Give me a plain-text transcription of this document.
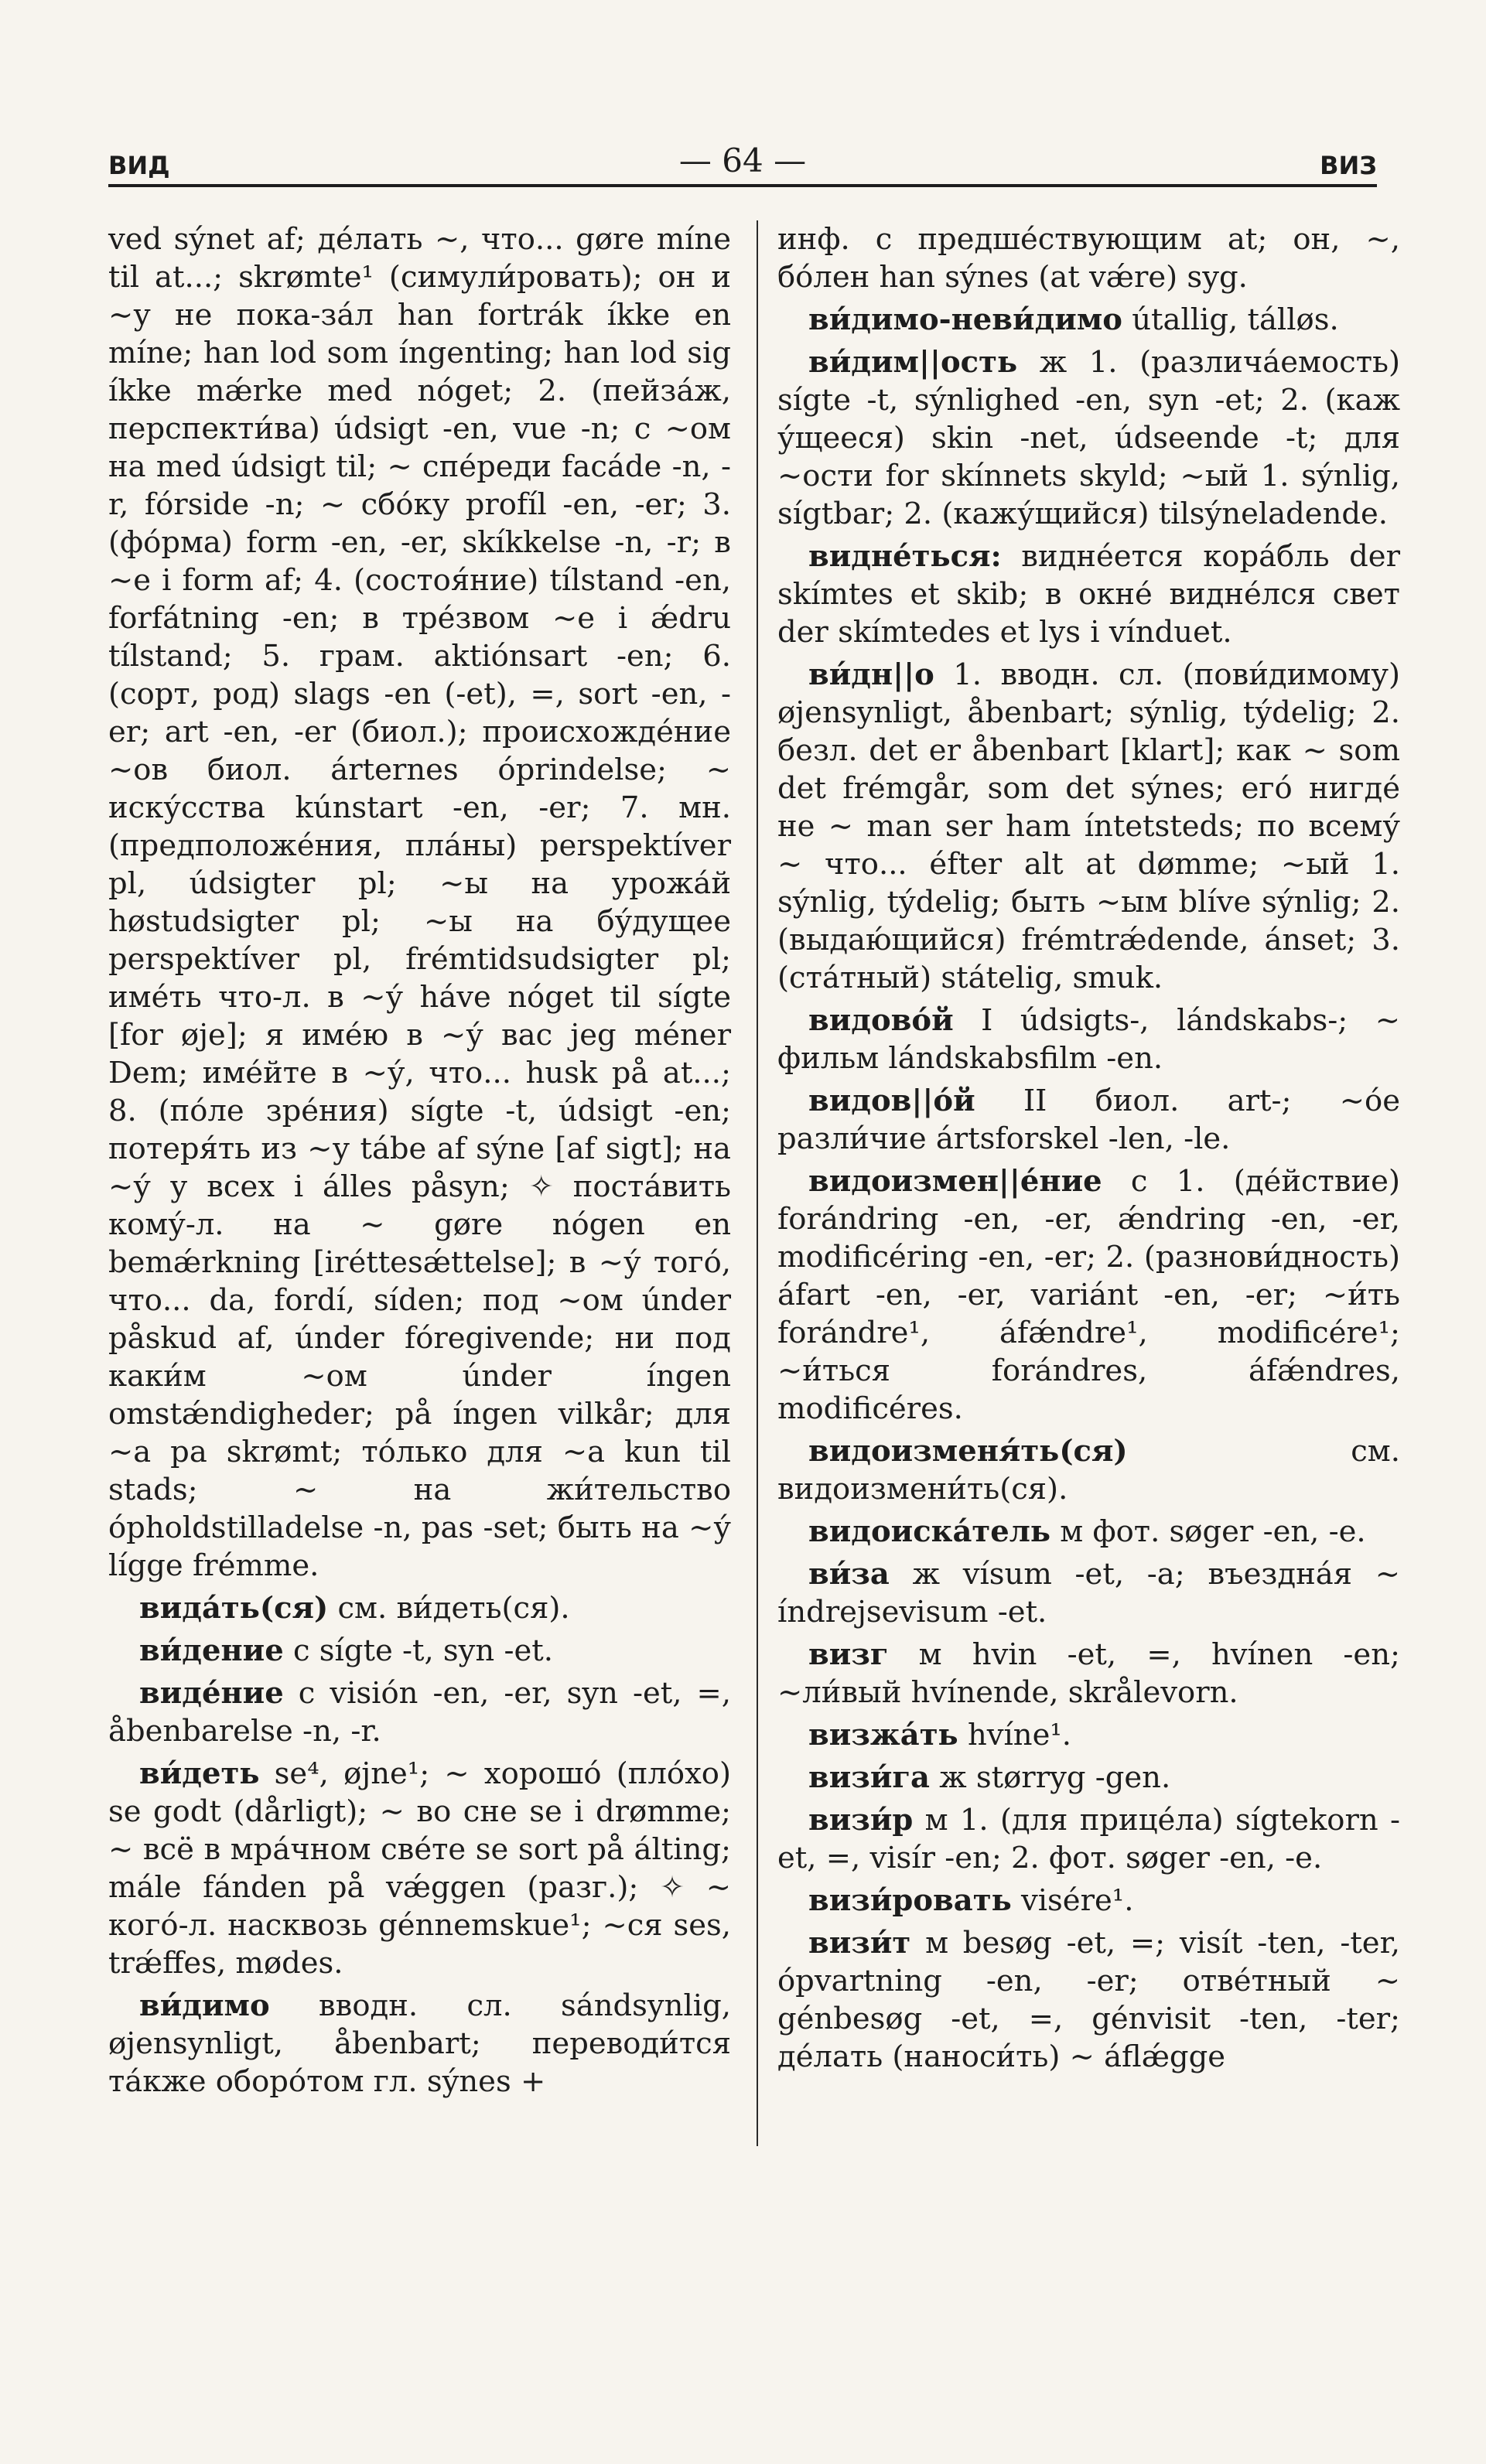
ВИД	— 64 —	ВИЗ

ved sýnet af; де́лать ∼, что... gøre míne til at...; skrømte¹ (симули́ровать); он и ∼у не пока-за́л han fortrák íkke en míne; han lod som íngenting; han lod sig íkke mǽrke med nóget; 2. (пейза́ж, перспекти́ва) údsigt -en, vue -n; с ∼ом на med údsigt til; ∼ спе́реди facáde -n, -r, fórside -n; ∼ сбо́ку profíl -en, -er; 3. (фо́рма) form -en, -er, skíkkelse -n, -r; в ∼е i form af; 4. (состоя́ние) tílstand -en, forfátning -en; в тре́звом ∼е i ǽdru tílstand; 5. грам. aktiónsart -en; 6. (сорт, род) slags -en (-et), =, sort -en, -er; art -en, -er (биол.); происхожде́ние ∼ов биол. árternes óprindelse; ∼ иску́сства kúnstart -en, -er; 7. мн. (предположе́ния, пла́ны) perspektíver pl, údsigter pl; ∼ы на урожа́й høstudsigter pl; ∼ы на бу́дущее perspektíver pl, frémtidsudsigter pl; име́ть что-л. в ∼у́ háve nóget til sígte [for øje]; я име́ю в ∼у́ вас jeg méner Dem; име́йте в ∼у́, что... husk på at...; 8. (по́ле зре́ния) sígte -t, údsigt -en; потеря́ть из ∼у tábe af sýne [af sigt]; на ∼у́ у всех i álles påsyn; ✧ поста́вить кому́-л. на ∼ gøre nógen en bemǽrkning [iréttesǽttelse]; в ∼у́ того́, что... da, fordí, síden; под ∼ом únder påskud af, únder fóregivende; ни под каки́м ∼ом únder íngen omstǽndigheder; på íngen vilkår; для ∼а pa skrømt; то́лько для ∼а kun til stads; ∼ на жи́тельство ópholdstilladelse -n, pas -set; быть на ∼у́ lígge frémme.

вида́ть(ся) см. ви́деть(ся).

ви́дение с sígte -t, syn -et.

виде́ние с visión -en, -er, syn -et, =, åbenbarelse -n, -r.

ви́деть se⁴, øjne¹; ∼ хорошо́ (пло́хо) se godt (dårligt); ∼ во сне se i drømme; ∼ всё в мра́чном све́те se sort på álting; mále fánden på vǽggen (разг.); ✧ ∼ кого́-л. насквозь génnemskue¹; ∼ся ses, trǽffes, mødes.

ви́димо вводн. сл. sándsynlig, øjensynligt, åbenbart; переводи́тся та́кже оборо́том гл. sýnes +

инф. с предше́ствующим at; он, ∼, бо́лен han sýnes (at vǽre) syg.

ви́димо-неви́димо útallig, tálløs.

ви́дим||ость ж 1. (различа́емость) sígte -t, sýnlighed -en, syn -et; 2. (каж у́щееся) skin -net, údseende -t; для ∼ости for skínnets skyld; ∼ый 1. sýnlig, sígtbar; 2. (кажу́щийся) tilsýneladende.

видне́ться: видне́ется кора́бль der skímtes et skib; в окне́ видне́лся свет der skímtedes et lys i vínduet.

ви́дн||о 1. вводн. сл. (пови́димому) øjensynligt, åbenbart; sýnlig, týdelig; 2. безл. det er åbenbart [klart]; как ∼ som det frémgår, som det sýnes; его́ нигде́ не ∼ man ser ham íntetsteds; по всему́ ∼ что... éfter alt at dømme; ∼ый 1. sýnlig, týdelig; быть ∼ым blíve sýnlig; 2. (выдаю́щийся) frémtrǽdende, ánset; 3. (ста́тный) státelig, smuk.

видово́й I údsigts-, lándskabs-; ∼ фильм lándskabsfilm -en.

видов||о́й II биол. art-; ∼о́е разли́чие ártsforskel -len, -le.

видоизмен||е́ние с 1. (де́йствие) forándring -en, -er, ǽndring -en, -er, modificéring -en, -er; 2. (разнови́дность) áfart -en, -er, variánt -en, -er; ∼и́ть forándre¹, áfǽndre¹, modificére¹; ∼и́ться forándres, áfǽndres, modificéres.

видоизменя́ть(ся)	см. видоизмени́ть(ся).

видоиска́тель м фот. søger -en, -e.

ви́за ж vísum -et, -a; въездна́я ∼ índrejsevisum -et.

визг м hvin -et, =, hvínen -en; ∼ли́вый hvínende, skrålevorn.

визжа́ть hvíne¹.

визи́га ж størryg -gen.

визи́р м 1. (для прице́ла) sígtekorn -et, =, visír -en; 2. фот. søger -en, -e.

визи́ровать visére¹.

визи́т м besøg -et, =; visít -ten, -ter, ópvartning -en, -er; отве́тный ∼ génbesøg -et, =, génvisit -ten, -ter; де́лать (наноси́ть) ∼ áflǽgge
